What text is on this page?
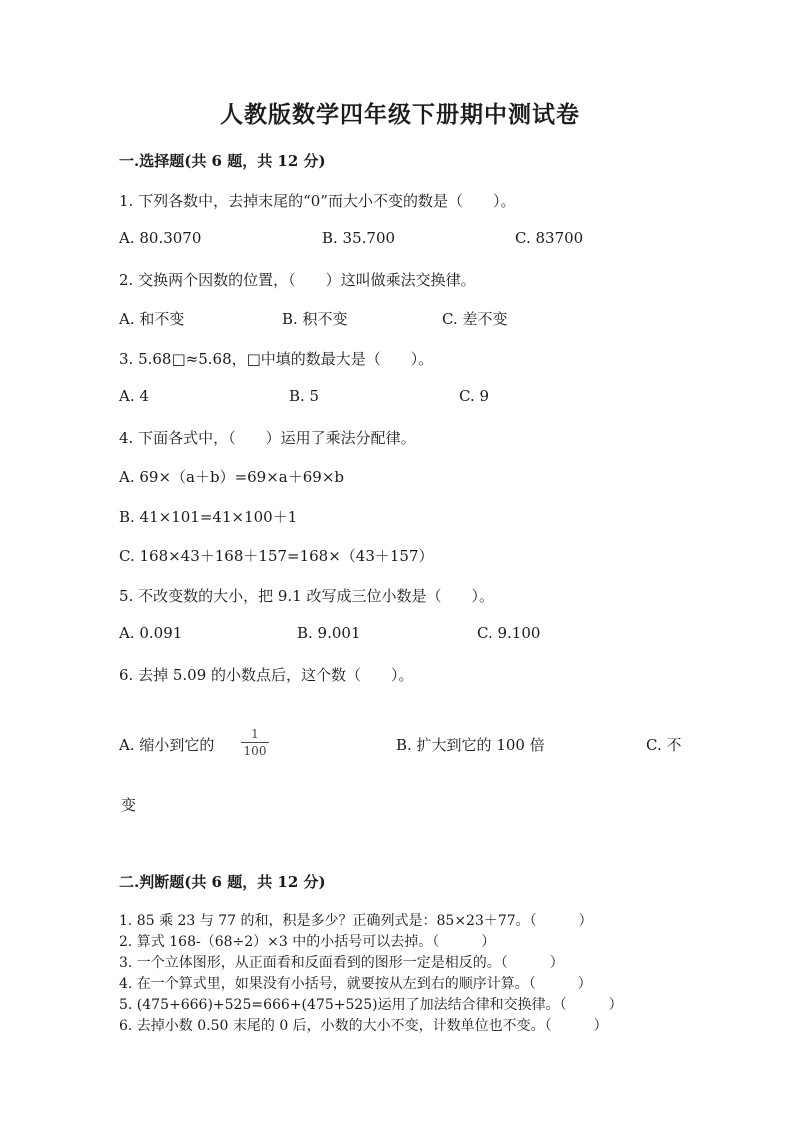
人教版数学四年级下册期中测试卷
一.选择题(共 6 题，共 12 分)
1. 下列各数中，去掉末尾的“0”而大小不变的数是（　　）。
A. 80.3070	B. 35.700	C. 83700
2. 交换两个因数的位置，（　　）这叫做乘法交换律。
A. 和不变	B. 积不变	C. 差不变
3. 5.68□≈5.68，□中填的数最大是（　　）。
A. 4	B. 5	C. 9
4. 下面各式中，（　　）运用了乘法分配律。
A. 69×（a＋b）=69×a＋69×b
B. 41×101=41×100＋1
C. 168×43＋168＋157=168×（43＋157）
5. 不改变数的大小，把 9.1 改写成三位小数是（　　）。
A. 0.091	B. 9.001	C. 9.100
6. 去掉 5.09 的小数点后，这个数（　　）。
A. 缩小到它的 $\frac{1}{100}$	B. 扩大到它的 100 倍	C. 不
变
二.判断题(共 6 题，共 12 分)
1. 85 乘 23 与 77 的和，积是多少？正确列式是：85×23＋77。（　　　）
2. 算式 168-（68÷2）×3 中的小括号可以去掉。（　　　）
3. 一个立体图形，从正面看和反面看到的图形一定是相反的。（　　　）
4. 在一个算式里，如果没有小括号，就要按从左到右的顺序计算。（　　　）
5. (475+666)+525=666+(475+525)运用了加法结合律和交换律。（　　　）
6. 去掉小数 0.50 末尾的 0 后，小数的大小不变，计数单位也不变。（　　　）
